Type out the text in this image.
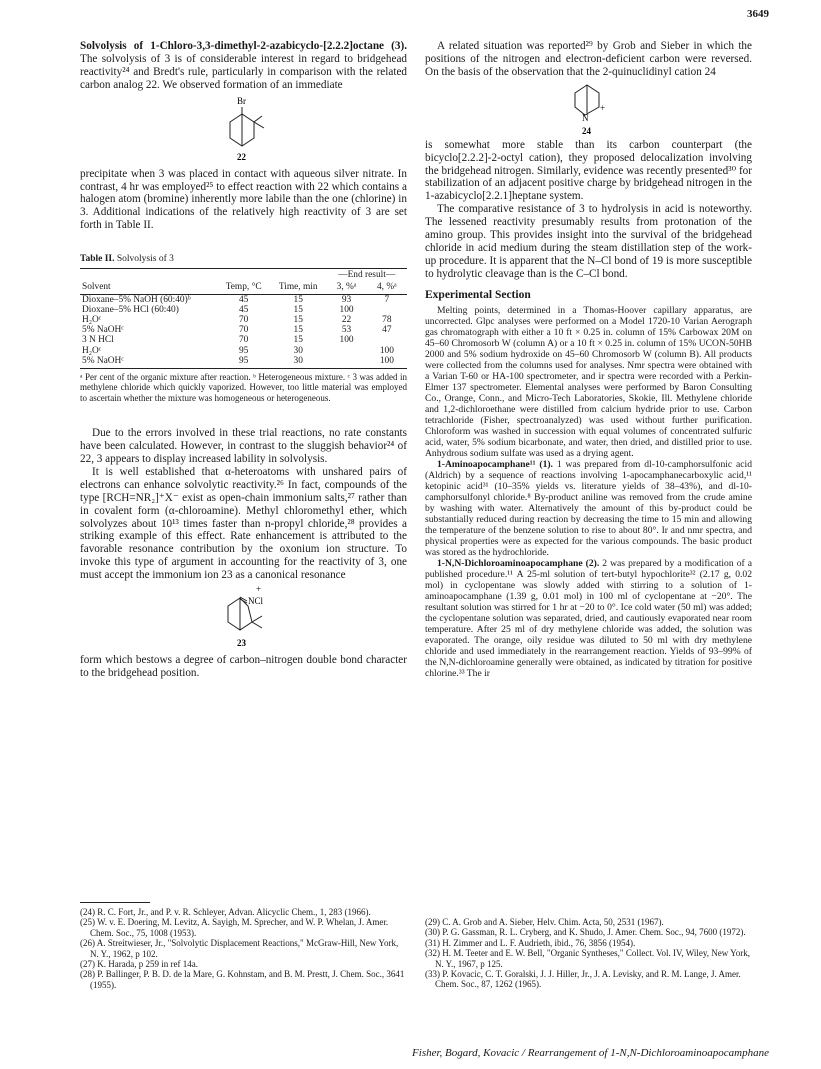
3649

Solvolysis of 1-Chloro-3,3-dimethyl-2-azabicyclo-[2.2.2]octane (3). The solvolysis of 3 is of considerable interest in regard to bridgehead reactivity²⁴ and Bredt's rule, particularly in comparison with the related carbon analog 22. We observed formation of an immediate

Br
22

precipitate when 3 was placed in contact with aqueous silver nitrate. In contrast, 4 hr was employed²⁵ to effect reaction with 22 which contains a halogen atom (bromine) inherently more labile than the one (chlorine) in 3. Additional indications of the relatively high reactivity of 3 are set forth in Table II.

Table II. Solvolysis of 3
			—End result—	
Solvent	Temp, °C	Time, min	3, %ᵃ	4, %ᵃ
Dioxane–5% NaOH (60:40)ᵇ	45	15	93	7
Dioxane–5% HCl (60:40)	45	15	100	
H₂Oᶜ	70	15	22	78
5% NaOHᶜ	70	15	53	47
3 N HCl	70	15	100	
H₂Oᶜ	95	30		100
5% NaOHᶜ	95	30		100
ᵃ Per cent of the organic mixture after reaction. ᵇ Heterogeneous mixture. ᶜ 3 was added in methylene chloride which quickly vaporized. However, too little material was employed to ascertain whether the mixture was homogeneous or heterogeneous.

Due to the errors involved in these trial reactions, no rate constants have been calculated. However, in contrast to the sluggish behavior²⁴ of 22, 3 appears to display increased lability in solvolysis.

It is well established that α-heteroatoms with unshared pairs of electrons can enhance solvolytic reactivity.²⁶ In fact, compounds of the type [RCH=NR₂]⁺X⁻ exist as open-chain immonium salts,²⁷ rather than in covalent form (α-chloroamine). Methyl chloromethyl ether, which solvolyzes about 10¹³ times faster than n-propyl chloride,²⁸ provides a striking example of this effect. Rate enhancement is attributed to the favorable resonance contribution by the oxonium ion structure. To invoke this type of argument in accounting for the reactivity of 3, one must accept the immonium ion 23 as a canonical resonance

+
NCl
23

form which bestows a degree of carbon–nitrogen double bond character to the bridgehead position.

A related situation was reported²⁹ by Grob and Sieber in which the positions of the nitrogen and electron-deficient carbon were reversed. On the basis of the observation that the 2-quinuclidinyl cation 24

N
+
24

is somewhat more stable than its carbon counterpart (the bicyclo[2.2.2]-2-octyl cation), they proposed delocalization involving the bridgehead nitrogen. Similarly, evidence was recently presented³⁰ for stabilization of an adjacent positive charge by bridgehead nitrogen in the 1-azabicyclo[2.2.1]heptane system.

The comparative resistance of 3 to hydrolysis in acid is noteworthy. The lessened reactivity presumably results from protonation of the amino group. This provides insight into the survival of the bridgehead chloride in acid medium during the steam distillation step of the work-up procedure. It is apparent that the N–Cl bond of 19 is more susceptible to hydrolytic cleavage than is the C–Cl bond.

Experimental Section

Melting points, determined in a Thomas-Hoover capillary apparatus, are uncorrected. Glpc analyses were performed on a Model 1720-10 Varian Aerograph gas chromatograph with either a 10 ft × 0.25 in. column of 15% Carbowax 20M on 45–60 Chromosorb W (column A) or a 10 ft × 0.25 in. column of 15% UCON-50HB 2000 and 5% sodium hydroxide on 45–60 Chromosorb W (column B). All products were collected from the columns used for analyses. Nmr spectra were obtained with a Varian T-60 or HA-100 spectrometer, and ir spectra were recorded with a Perkin-Elmer 137 spectrometer. Elemental analyses were performed by Baron Consulting Co., Orange, Conn., and Micro-Tech Laboratories, Skokie, Ill. Methylene chloride and 1,2-dichloroethane were distilled from calcium hydride prior to use. Carbon tetrachloride (Fisher, spectroanalyzed) was used without further purification. Chloroform was washed in succession with equal volumes of concentrated sulfuric acid, water, 5% sodium bicarbonate, and water, then dried, and distilled prior to use. Anhydrous sodium sulfate was used as a drying agent.

1-Aminoapocamphane¹¹ (1). 1 was prepared from dl-10-camphorsulfonic acid (Aldrich) by a sequence of reactions involving 1-apocamphanecarboxylic acid,¹¹ ketopinic acid³¹ (10–35% yields vs. literature yields of 38–43%), and dl-10-camphorsulfonyl chloride.⁸ By-product aniline was removed from the crude amine by washing with water. Alternatively the amount of this by-product could be substantially reduced during reaction by decreasing the time to 15 min and allowing the temperature of the benzene solution to rise to about 80°. Ir and nmr spectra, and physical properties were as expected for the various compounds. The basic product was stored as the hydrochloride.

1-N,N-Dichloroaminoapocamphane (2). 2 was prepared by a modification of a published procedure.¹¹ A 25-ml solution of tert-butyl hypochlorite³² (2.17 g, 0.02 mol) in cyclopentane was slowly added with stirring to a solution of 1-aminoapocamphane (1.39 g, 0.01 mol) in 100 ml of cyclopentane at −20°. The resultant solution was stirred for 1 hr at −20 to 0°. Ice cold water (50 ml) was added; the cyclopentane solution was separated, dried, and cautiously evaporated near room temperature. After 25 ml of dry methylene chloride was added, the solution was evaporated. The orange, oily residue was diluted to 50 ml with dry methylene chloride and used immediately in the rearrangement reaction. Yields of 93–99% of the N,N-dichloroamine generally were obtained, as indicated by titration for positive chlorine.³³ The ir

(24) R. C. Fort, Jr., and P. v. R. Schleyer, Advan. Alicyclic Chem., 1, 283 (1966).
(25) W. v. E. Doering, M. Levitz, A. Sayigh, M. Sprecher, and W. P. Whelan, J. Amer. Chem. Soc., 75, 1008 (1953).
(26) A. Streitwieser, Jr., "Solvolytic Displacement Reactions," McGraw-Hill, New York, N. Y., 1962, p 102.
(27) K. Harada, p 259 in ref 14a.
(28) P. Ballinger, P. B. D. de la Mare, G. Kohnstam, and B. M. Prestt, J. Chem. Soc., 3641 (1955).
(29) C. A. Grob and A. Sieber, Helv. Chim. Acta, 50, 2531 (1967).
(30) P. G. Gassman, R. L. Cryberg, and K. Shudo, J. Amer. Chem. Soc., 94, 7600 (1972).
(31) H. Zimmer and L. F. Audrieth, ibid., 76, 3856 (1954).
(32) H. M. Teeter and E. W. Bell, "Organic Syntheses," Collect. Vol. IV, Wiley, New York, N. Y., 1967, p 125.
(33) P. Kovacic, C. T. Goralski, J. J. Hiller, Jr., J. A. Levisky, and R. M. Lange, J. Amer. Chem. Soc., 87, 1262 (1965).
Fisher, Bogard, Kovacic / Rearrangement of 1-N,N-Dichloroaminoapocamphane
